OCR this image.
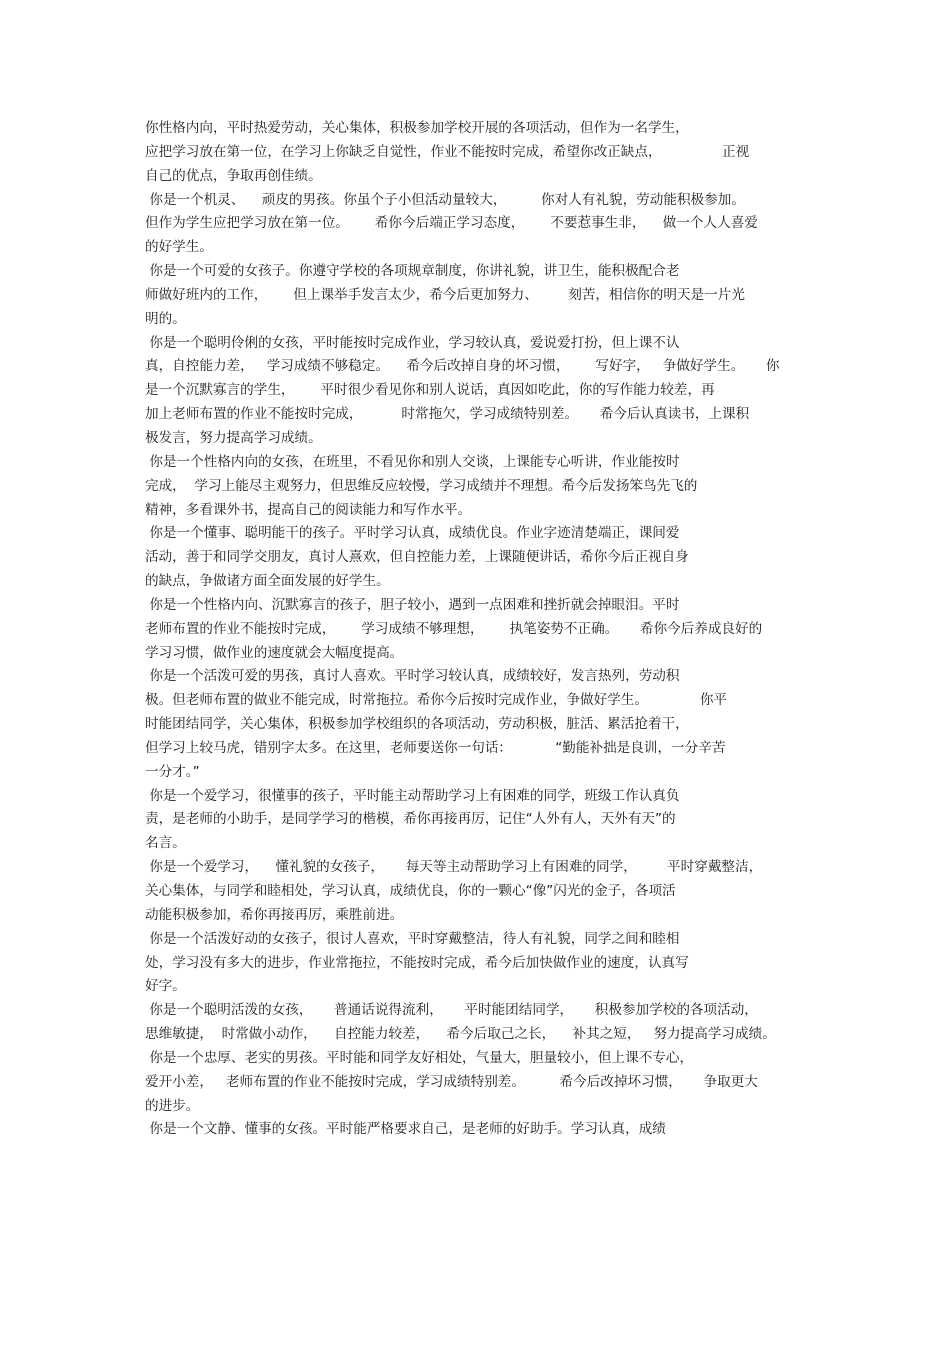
你性格内向，平时热爱劳动，关心集体，积极参加学校开展的各项活动，但作为一名学生，
应把学习放在第一位，在学习上你缺乏自觉性，作业不能按时完成，希望你改正缺点，              正视
自己的优点，争取再创佳绩。
你是一个机灵、    顽皮的男孩。你虽个子小但活动量较大，        你对人有礼貌，劳动能积极参加。
但作为学生应把学习放在第一位。      希你今后端正学习态度，      不要惹事生非，    做一个人人喜爱
的好学生。
你是一个可爱的女孩子。你遵守学校的各项规章制度，你讲礼貌，讲卫生，能积极配合老
师做好班内的工作，      但上课举手发言太少，希今后更加努力、       刻苦，相信你的明天是一片光
明的。
你是一个聪明伶俐的女孩，平时能按时完成作业，学习较认真，爱说爱打扮，但上课不认
真，自控能力差，   学习成绩不够稳定。    希今后改掉自身的坏习惯，      写好字，   争做好学生。     你
是一个沉默寡言的学生，      平时很少看见你和别人说话，真因如吃此，你的写作能力较差，再
加上老师布置的作业不能按时完成，         时常拖欠，学习成绩特别差。     希今后认真读书，上课积
极发言，努力提高学习成绩。
你是一个性格内向的女孩，在班里，不看见你和别人交谈，上课能专心听讲，作业能按时
完成，  学习上能尽主观努力，但思维反应较慢，学习成绩并不理想。希今后发扬笨鸟先飞的
精神，多看课外书，提高自己的阅读能力和写作水平。
你是一个懂事、聪明能干的孩子。平时学习认真，成绩优良。作业字迹清楚端正，课间爱
活动，善于和同学交朋友，真讨人熹欢，但自控能力差，上课随便讲话，希你今后正视自身
的缺点，争做诸方面全面发展的好学生。
你是一个性格内向、沉默寡言的孩子，胆子较小，遇到一点困难和挫折就会掉眼泪。平时
老师布置的作业不能按时完成，      学习成绩不够理想，      执笔姿势不正确。     希你今后养成良好的
学习习惯，做作业的速度就会大幅度提高。
你是一个活泼可爱的男孩，真讨人喜欢。平时学习较认真，成绩较好，发言热列，劳动积
极。但老师布置的做业不能完成，时常拖拉。希你今后按时完成作业，争做好学生。            你平
时能团结同学，关心集体，积极参加学校组织的各项活动，劳动积极，脏活、累活抢着干，
但学习上较马虎，错别字太多。在这里，老师要送你一句话：          “勤能补拙是良训，一分辛苦
一分才。”
你是一个爱学习，很懂事的孩子，平时能主动帮助学习上有困难的同学，班级工作认真负
责，是老师的小助手，是同学学习的楷模，希你再接再厉，记住“人外有人，天外有天”的
名言。
你是一个爱学习，    懂礼貌的女孩子，     每天等主动帮助学习上有困难的同学，       平时穿戴整洁，
关心集体，与同学和睦相处，学习认真，成绩优良，你的一颗心“像”闪光的金子，各项活
动能积极参加，希你再接再厉，乘胜前进。
你是一个活泼好动的女孩子，很讨人喜欢，平时穿戴整洁，待人有礼貌，同学之间和睦相
处，学习没有多大的进步，作业常拖拉，不能按时完成，希今后加快做作业的速度，认真写
好字。
你是一个聪明活泼的女孩，     普通话说得流利，     平时能团结同学，     积极参加学校的各项活动，
思维敏捷，  时常做小动作，    自控能力较差，    希今后取己之长，    补其之短，   努力提高学习成绩。
你是一个忠厚、老实的男孩。平时能和同学友好相处，气量大，胆量较小，但上课不专心，
爱开小差，   老师布置的作业不能按时完成，学习成绩特别差。        希今后改掉坏习惯，     争取更大
的进步。
你是一个文静、懂事的女孩。平时能严格要求自己，是老师的好助手。学习认真，成绩
